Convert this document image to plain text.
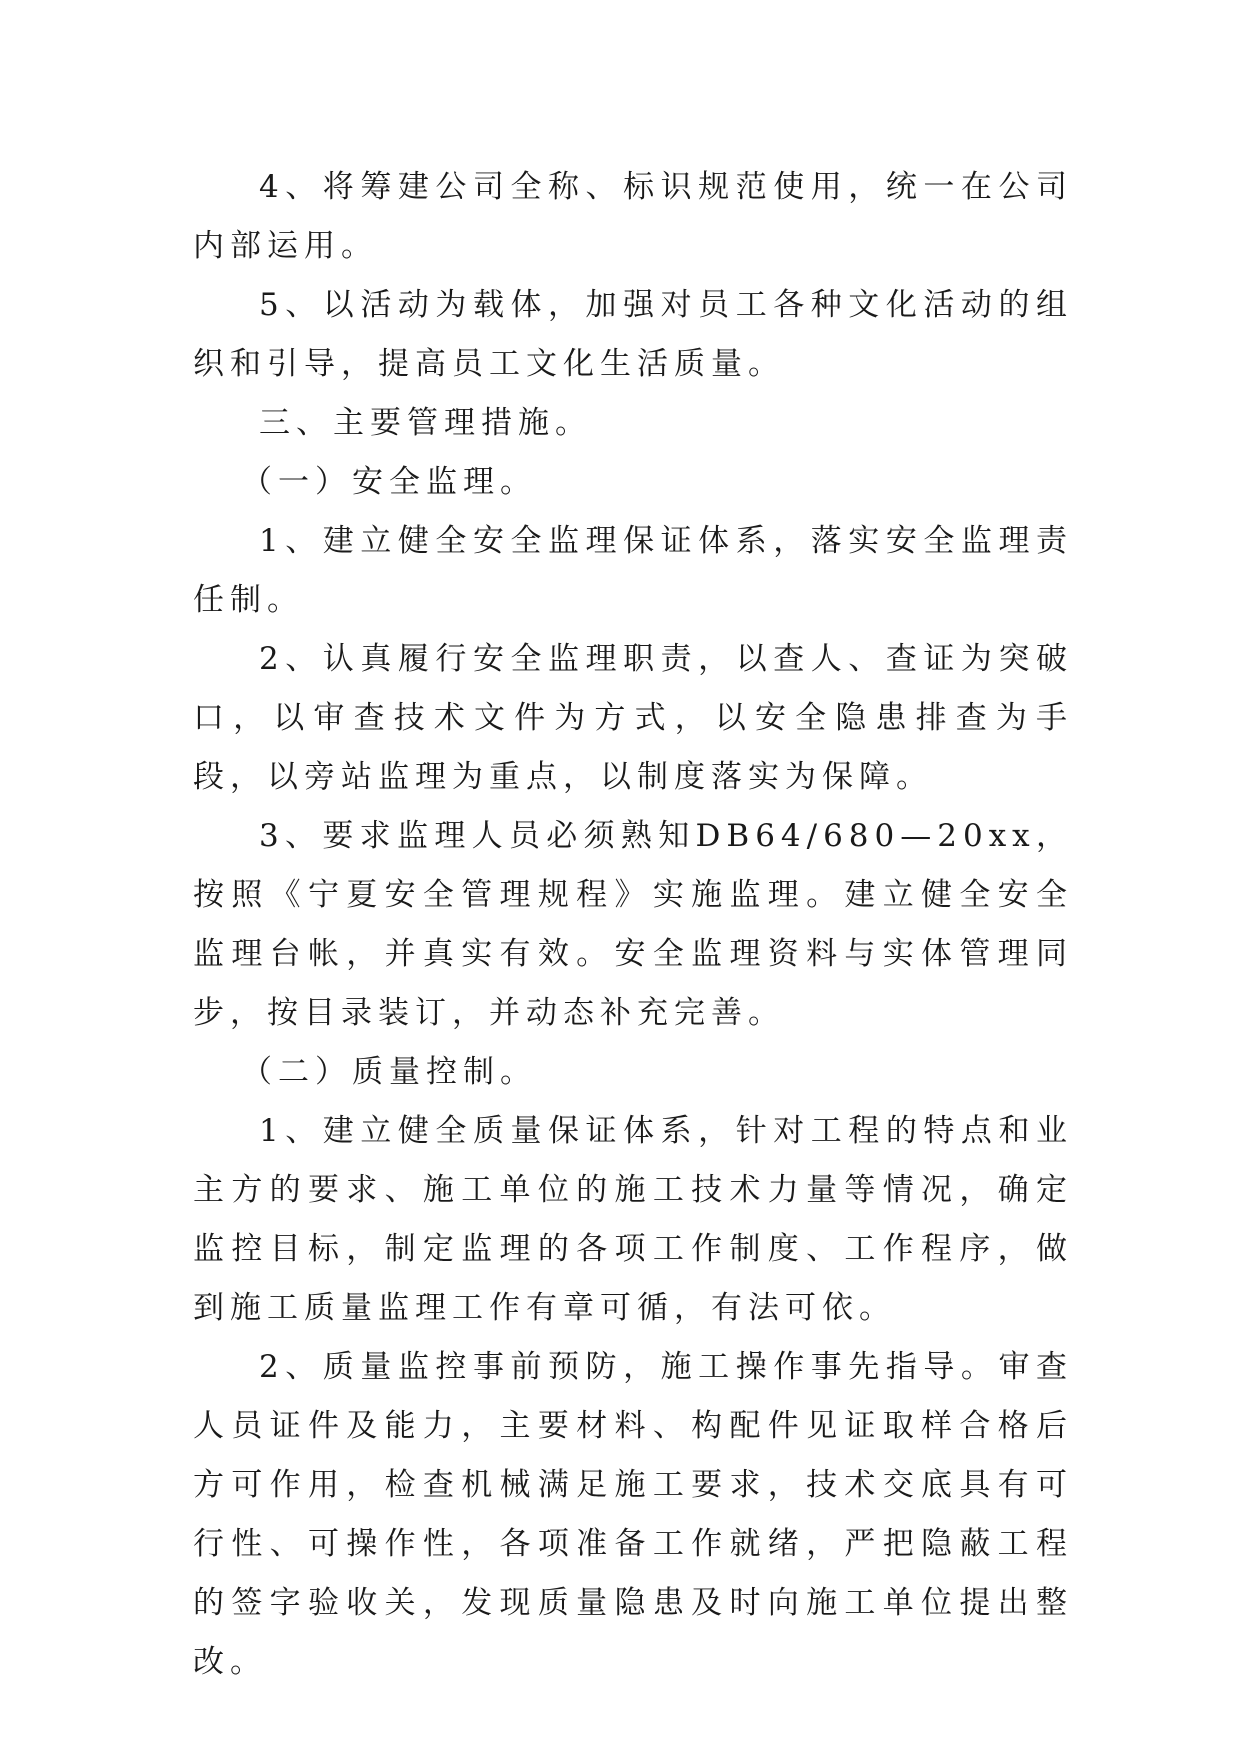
4、将筹建公司全称、标识规范使用，统一在公司内部运用。

5、以活动为载体，加强对员工各种文化活动的组织和引导，提高员工文化生活质量。

三、主要管理措施。

（一）安全监理。

1、建立健全安全监理保证体系，落实安全监理责任制。

2、认真履行安全监理职责，以查人、查证为突破口，以审查技术文件为方式，以安全隐患排查为手段，以旁站监理为重点，以制度落实为保障。

3、要求监理人员必须熟知DB64/680—20xx，按照《宁夏安全管理规程》实施监理。建立健全安全监理台帐，并真实有效。安全监理资料与实体管理同步，按目录装订，并动态补充完善。

（二）质量控制。

1、建立健全质量保证体系，针对工程的特点和业主方的要求、施工单位的施工技术力量等情况，确定监控目标，制定监理的各项工作制度、工作程序，做到施工质量监理工作有章可循，有法可依。

2、质量监控事前预防，施工操作事先指导。审查人员证件及能力，主要材料、构配件见证取样合格后方可作用，检查机械满足施工要求，技术交底具有可行性、可操作性，各项准备工作就绪，严把隐蔽工程的签字验收关，发现质量隐患及时向施工单位提出整改。
